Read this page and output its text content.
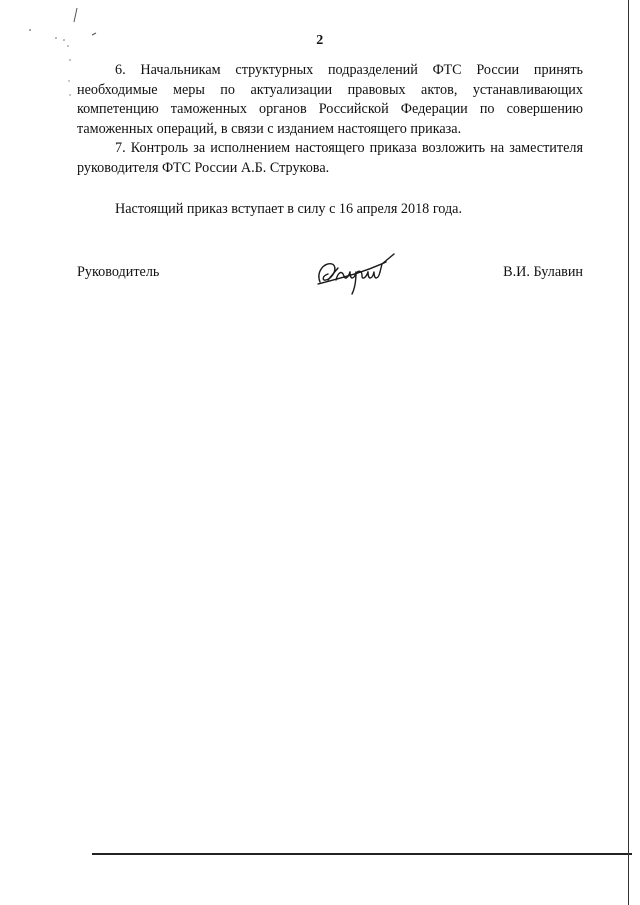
2

6. Начальникам структурных подразделений ФТС России принять необходимые меры по актуализации правовых актов, устанавливающих компетенцию таможенных органов Российской Федерации по совершению таможенных операций, в связи с изданием настоящего приказа.

7. Контроль за исполнением настоящего приказа возложить на заместителя руководителя ФТС России А.Б. Струкова.

Настоящий приказ вступает в силу с 16 апреля 2018 года.

Руководитель	В.И. Булавин
